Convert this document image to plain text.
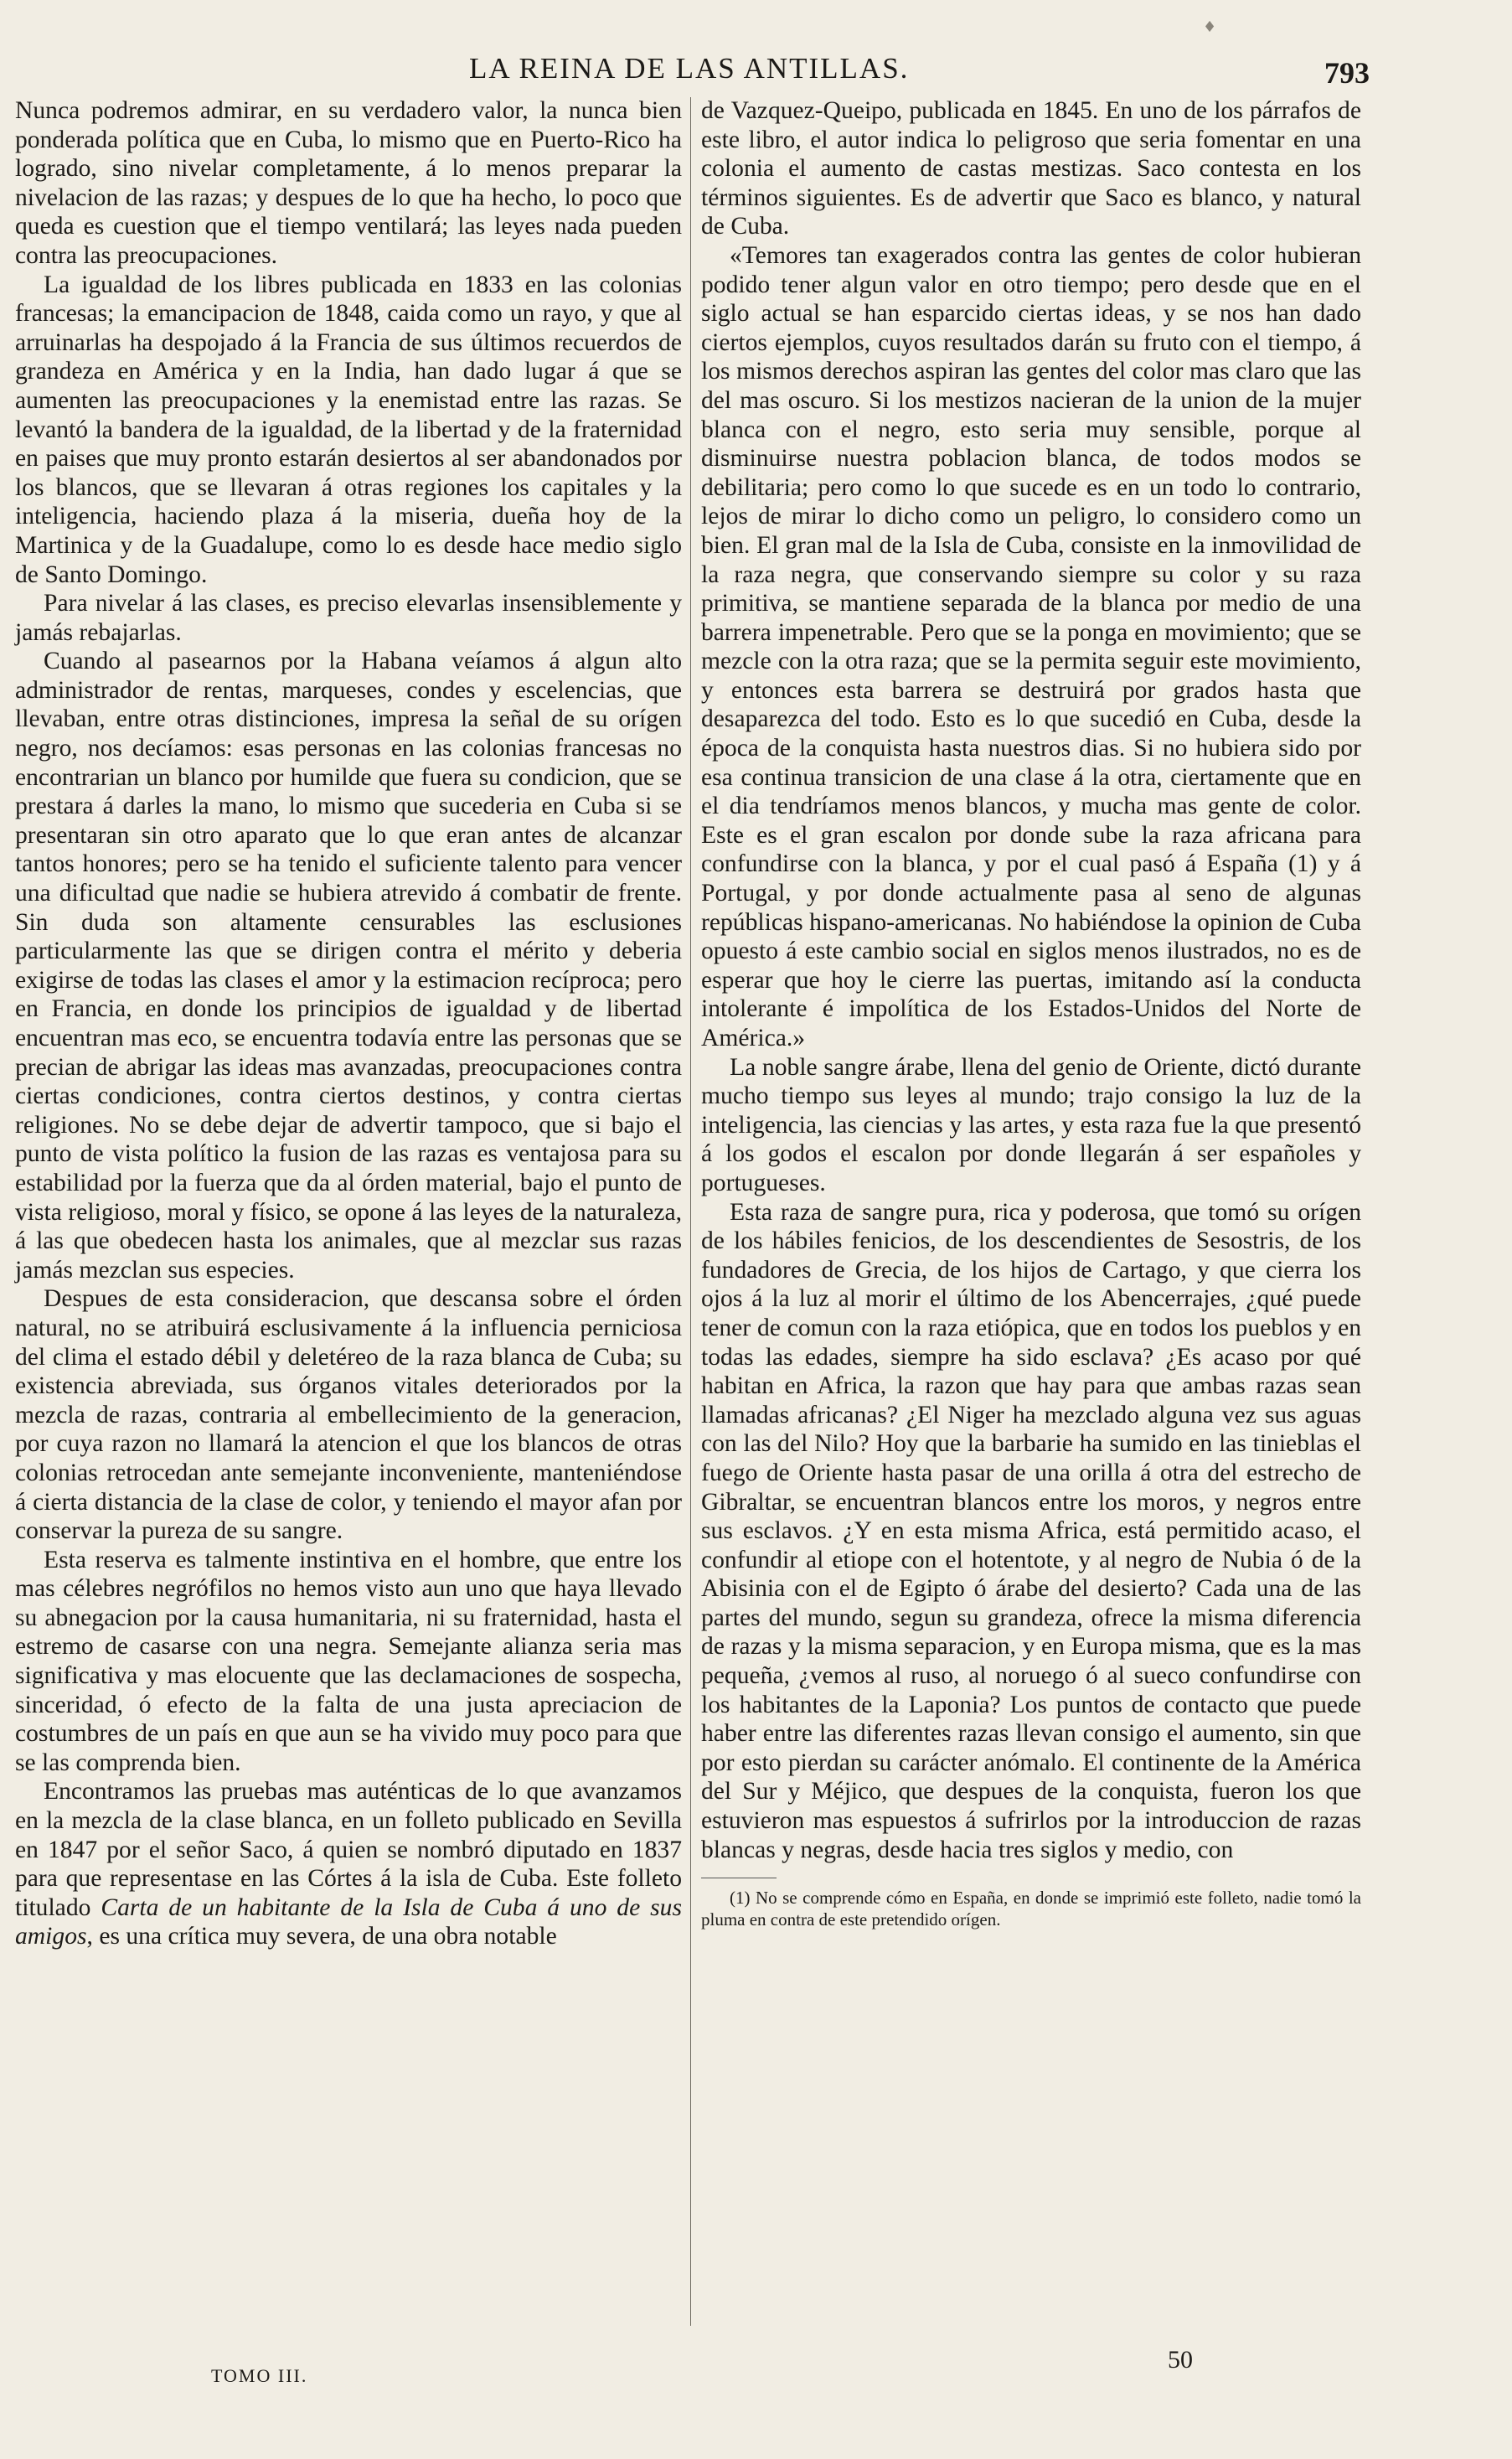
♦
LA REINA DE LAS ANTILLAS.	793

Nunca podremos admirar, en su verdadero valor, la nunca bien ponderada política que en Cuba, lo mismo que en Puerto-Rico ha logrado, sino nivelar completamente, á lo menos preparar la nivelacion de las razas; y despues de lo que ha hecho, lo poco que queda es cuestion que el tiempo ventilará; las leyes nada pueden contra las preocupaciones.

La igualdad de los libres publicada en 1833 en las colonias francesas; la emancipacion de 1848, caida como un rayo, y que al arruinarlas ha despojado á la Francia de sus últimos recuerdos de grandeza en América y en la India, han dado lugar á que se aumenten las preocupaciones y la enemistad entre las razas. Se levantó la bandera de la igualdad, de la libertad y de la fraternidad en paises que muy pronto estarán desiertos al ser abandonados por los blancos, que se llevaran á otras regiones los capitales y la inteligencia, haciendo plaza á la miseria, dueña hoy de la Martinica y de la Guadalupe, como lo es desde hace medio siglo de Santo Domingo.

Para nivelar á las clases, es preciso elevarlas insensiblemente y jamás rebajarlas.

Cuando al pasearnos por la Habana veíamos á algun alto administrador de rentas, marqueses, condes y escelencias, que llevaban, entre otras distinciones, impresa la señal de su orígen negro, nos decíamos: esas personas en las colonias francesas no encontrarian un blanco por humilde que fuera su condicion, que se prestara á darles la mano, lo mismo que sucederia en Cuba si se presentaran sin otro aparato que lo que eran antes de alcanzar tantos honores; pero se ha tenido el suficiente talento para vencer una dificultad que nadie se hubiera atrevido á combatir de frente. Sin duda son altamente censurables las esclusiones particularmente las que se dirigen contra el mérito y deberia exigirse de todas las clases el amor y la estimacion recíproca; pero en Francia, en donde los principios de igualdad y de libertad encuentran mas eco, se encuentra todavía entre las personas que se precian de abrigar las ideas mas avanzadas, preocupaciones contra ciertas condiciones, contra ciertos destinos, y contra ciertas religiones. No se debe dejar de advertir tampoco, que si bajo el punto de vista político la fusion de las razas es ventajosa para su estabilidad por la fuerza que da al órden material, bajo el punto de vista religioso, moral y físico, se opone á las leyes de la naturaleza, á las que obedecen hasta los animales, que al mezclar sus razas jamás mezclan sus especies.

Despues de esta consideracion, que descansa sobre el órden natural, no se atribuirá esclusivamente á la influencia perniciosa del clima el estado débil y deletéreo de la raza blanca de Cuba; su existencia abreviada, sus órganos vitales deteriorados por la mezcla de razas, contraria al embellecimiento de la generacion, por cuya razon no llamará la atencion el que los blancos de otras colonias retrocedan ante semejante inconveniente, manteniéndose á cierta distancia de la clase de color, y teniendo el mayor afan por conservar la pureza de su sangre.

Esta reserva es talmente instintiva en el hombre, que entre los mas célebres negrófilos no hemos visto aun uno que haya llevado su abnegacion por la causa humanitaria, ni su fraternidad, hasta el estremo de casarse con una negra. Semejante alianza seria mas significativa y mas elocuente que las declamaciones de sospecha, sinceridad, ó efecto de la falta de una justa apreciacion de costumbres de un país en que aun se ha vivido muy poco para que se las comprenda bien.

Encontramos las pruebas mas auténticas de lo que avanzamos en la mezcla de la clase blanca, en un folleto publicado en Sevilla en 1847 por el señor Saco, á quien se nombró diputado en 1837 para que representase en las Córtes á la isla de Cuba. Este folleto titulado Carta de un habitante de la Isla de Cuba á uno de sus amigos, es una crítica muy severa, de una obra notable

de Vazquez-Queipo, publicada en 1845. En uno de los párrafos de este libro, el autor indica lo peligroso que seria fomentar en una colonia el aumento de castas mestizas. Saco contesta en los términos siguientes. Es de advertir que Saco es blanco, y natural de Cuba.

«Temores tan exagerados contra las gentes de color hubieran podido tener algun valor en otro tiempo; pero desde que en el siglo actual se han esparcido ciertas ideas, y se nos han dado ciertos ejemplos, cuyos resultados darán su fruto con el tiempo, á los mismos derechos aspiran las gentes del color mas claro que las del mas oscuro. Si los mestizos nacieran de la union de la mujer blanca con el negro, esto seria muy sensible, porque al disminuirse nuestra poblacion blanca, de todos modos se debilitaria; pero como lo que sucede es en un todo lo contrario, lejos de mirar lo dicho como un peligro, lo considero como un bien. El gran mal de la Isla de Cuba, consiste en la inmovilidad de la raza negra, que conservando siempre su color y su raza primitiva, se mantiene separada de la blanca por medio de una barrera impenetrable. Pero que se la ponga en movimiento; que se mezcle con la otra raza; que se la permita seguir este movimiento, y entonces esta barrera se destruirá por grados hasta que desaparezca del todo. Esto es lo que sucedió en Cuba, desde la época de la conquista hasta nuestros dias. Si no hubiera sido por esa continua transicion de una clase á la otra, ciertamente que en el dia tendríamos menos blancos, y mucha mas gente de color. Este es el gran escalon por donde sube la raza africana para confundirse con la blanca, y por el cual pasó á España (1) y á Portugal, y por donde actualmente pasa al seno de algunas repúblicas hispano-americanas. No habiéndose la opinion de Cuba opuesto á este cambio social en siglos menos ilustrados, no es de esperar que hoy le cierre las puertas, imitando así la conducta intolerante é impolítica de los Estados-Unidos del Norte de América.»

La noble sangre árabe, llena del genio de Oriente, dictó durante mucho tiempo sus leyes al mundo; trajo consigo la luz de la inteligencia, las ciencias y las artes, y esta raza fue la que presentó á los godos el escalon por donde llegarán á ser españoles y portugueses.

Esta raza de sangre pura, rica y poderosa, que tomó su orígen de los hábiles fenicios, de los descendientes de Sesostris, de los fundadores de Grecia, de los hijos de Cartago, y que cierra los ojos á la luz al morir el último de los Abencerrajes, ¿qué puede tener de comun con la raza etiópica, que en todos los pueblos y en todas las edades, siempre ha sido esclava? ¿Es acaso por qué habitan en Africa, la razon que hay para que ambas razas sean llamadas africanas? ¿El Niger ha mezclado alguna vez sus aguas con las del Nilo? Hoy que la barbarie ha sumido en las tinieblas el fuego de Oriente hasta pasar de una orilla á otra del estrecho de Gibraltar, se encuentran blancos entre los moros, y negros entre sus esclavos. ¿Y en esta misma Africa, está permitido acaso, el confundir al etiope con el hotentote, y al negro de Nubia ó de la Abisinia con el de Egipto ó árabe del desierto? Cada una de las partes del mundo, segun su grandeza, ofrece la misma diferencia de razas y la misma separacion, y en Europa misma, que es la mas pequeña, ¿vemos al ruso, al noruego ó al sueco confundirse con los habitantes de la Laponia? Los puntos de contacto que puede haber entre las diferentes razas llevan consigo el aumento, sin que por esto pierdan su carácter anómalo. El continente de la América del Sur y Méjico, que despues de la conquista, fueron los que estuvieron mas espuestos á sufrirlos por la introduccion de razas blancas y negras, desde hacia tres siglos y medio, con

(1) No se comprende cómo en España, en donde se imprimió este folleto, nadie tomó la pluma en contra de este pretendido orígen.

TOMO III.
50
